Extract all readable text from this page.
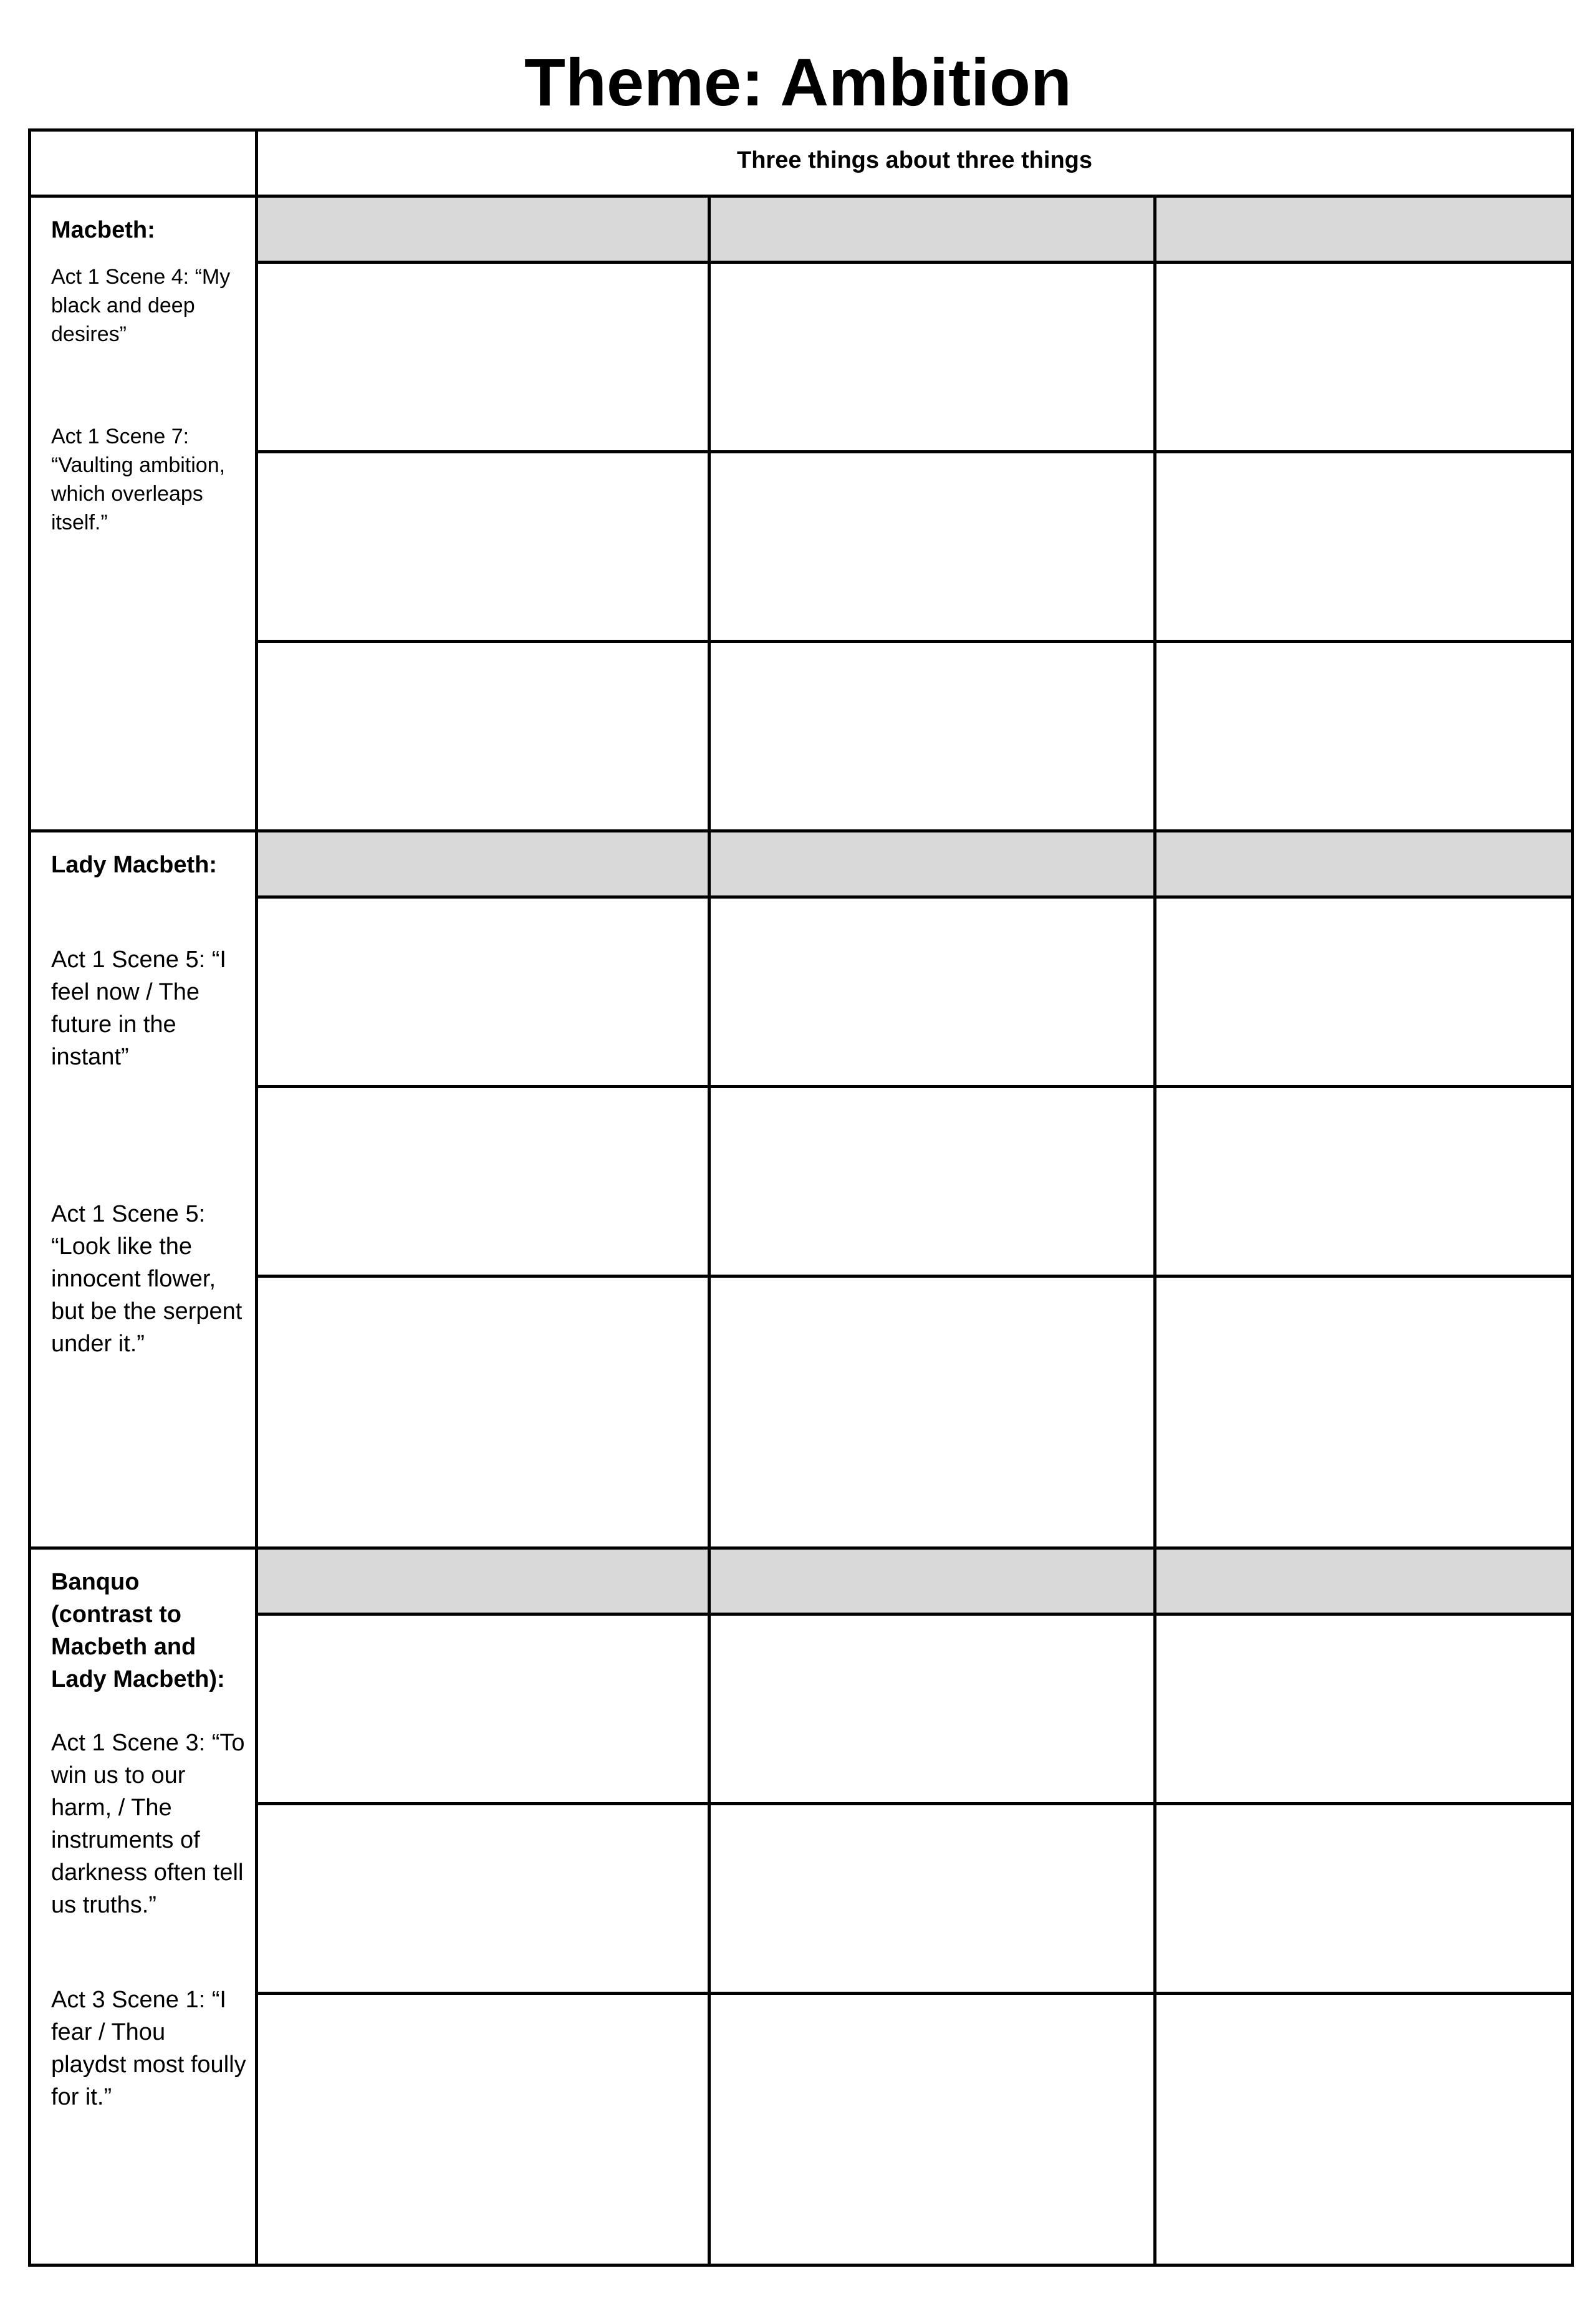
Theme: Ambition
	Three things about three things		

Macbeth:
Act 1 Scene 4: “My black and deep desires”
Act 1 Scene 7: “Vaulting ambition, which overleaps itself.”			

Lady Macbeth:
Act 1 Scene 5: “I feel now / The future in the instant”
Act 1 Scene 5: “Look like the innocent flower, but be the serpent under it.”			

Banquo (contrast to Macbeth and Lady Macbeth):
Act 1 Scene 3: “To win us to our harm, / The instruments of darkness often tell us truths.”
Act 3 Scene 1: “I fear / Thou playdst most foully for it.”			
